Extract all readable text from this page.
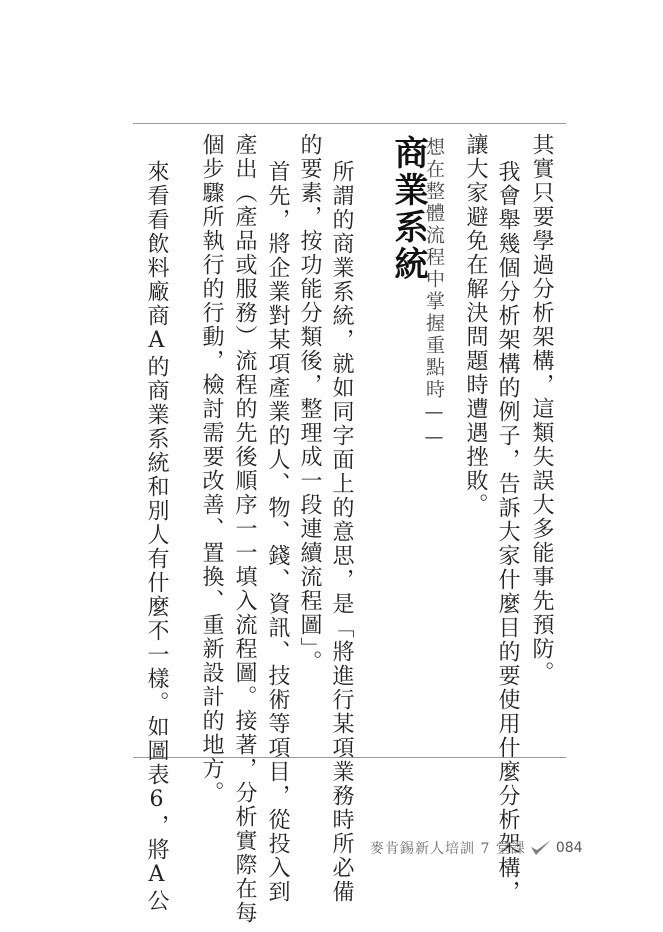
其實只要學過分析架構，這類失誤大多能事先預防。

我會舉幾個分析架構的例子，告訴大家什麼目的要使用什麼分析架構，

讓大家避免在解決問題時遭遇挫敗。

想在整體流程中掌握重點時——
商業系統

所謂的商業系統，就如同字面上的意思，是「將進行某項業務時所必備

的要素，按功能分類後，整理成一段連續流程圖」。

首先，將企業對某項產業的人、物、錢、資訊、技術等項目，從投入到

產出（產品或服務）流程的先後順序一一填入流程圖。接著，分析實際在每

個步驟所執行的行動，檢討需要改善、置換、重新設計的地方。

來看看飲料廠商A的商業系統和別人有什麼不一樣。如圖表6，將A公	麥肯錫新人培訓 7 堂課 084
